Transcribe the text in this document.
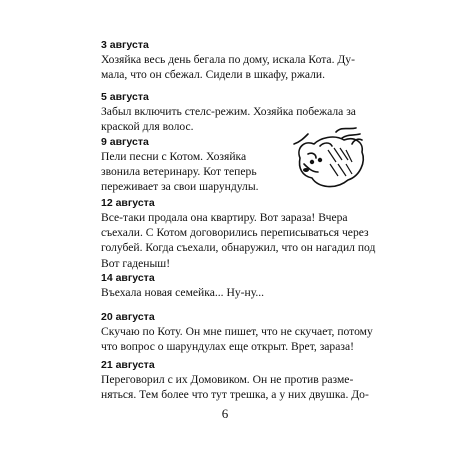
3 августа
Хозяйка весь день бегала по дому, искала Кота. Ду-
мала, что он сбежал. Сидели в шкафу, ржали.
5 августа
Забыл включить стелс-режим. Хозяйка побежала за
краской для волос.
9 августа
Пели песни с Котом. Хозяйка
звонила ветеринару. Кот теперь
переживает за свои шарундулы.
12 августа
Все-таки продала она квартиру. Вот зараза! Вчера
съехали. С Котом договорились переписываться через
голубей. Когда съехали, обнаружил, что он нагадил под
Вот гаденыш!
14 августа
Въехала новая семейка... Ну-ну...
20 августа
Скучаю по Коту. Он мне пишет, что не скучает, потому
что вопрос о шарундулах еще открыт. Врет, зараза!
21 августа
Переговорил с их Домовиком. Он не против разме-
няться. Тем более что тут трешка, а у них двушка. До-
6
